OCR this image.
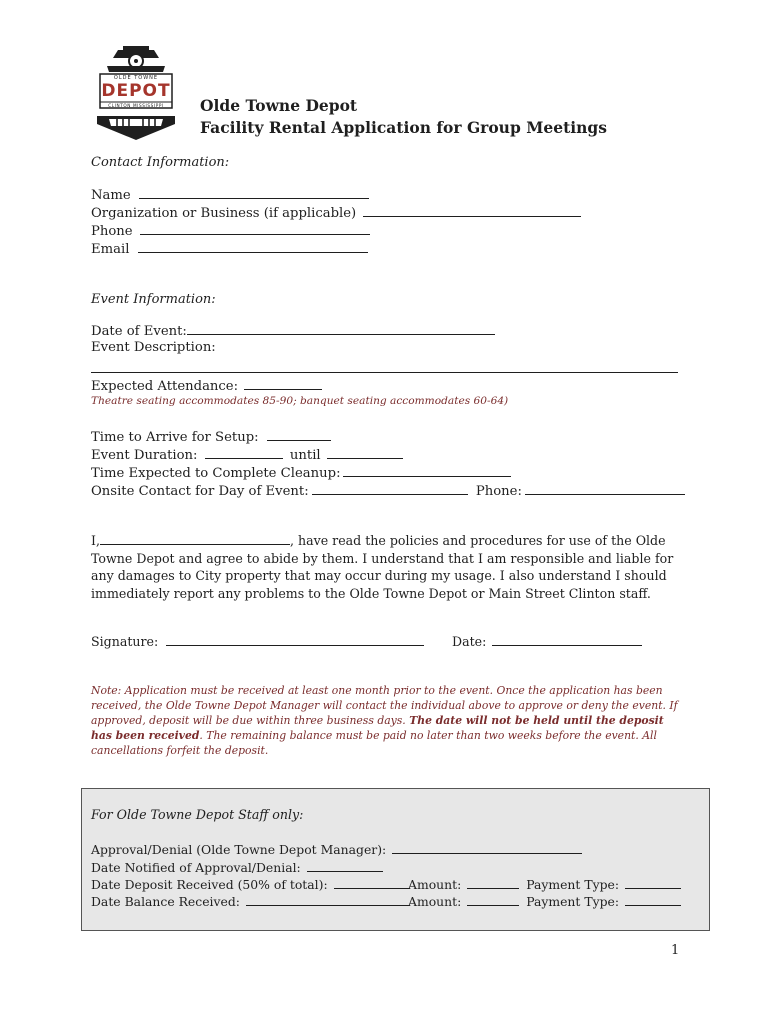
OLDE TOWNE
DEPOT
CLINTON MISSISSIPPI	Olde Towne Depot
Facility Rental Application for Group Meetings
Contact Information:
Name
Organization or Business (if applicable)
Phone
Email
Event Information:
Date of Event:
Event Description:
Expected Attendance:
Theatre seating accommodates 85-90; banquet seating accommodates 60-64)
Time to Arrive for Setup:
Event Duration:	until
Time Expected to Complete Cleanup:
Onsite Contact for Day of Event:	Phone:
I,	, have read the policies and procedures for use of the Olde Towne Depot and agree to abide by them. I understand that I am responsible and liable for any damages to City property that may occur during my usage. I also understand I should immediately report any problems to the Olde Towne Depot or Main Street Clinton staff.
Signature:	Date:
Note: Application must be received at least one month prior to the event. Once the application has been received, the Olde Towne Depot Manager will contact the individual above to approve or deny the event. If approved, deposit will be due within three business days. The date will not be held until the deposit has been received. The remaining balance must be paid no later than two weeks before the event. All cancellations forfeit the deposit.
For Olde Towne Depot Staff only:
Approval/Denial (Olde Towne Depot Manager):
Date Notified of Approval/Denial:
Date Deposit Received (50% of total):	Amount:	Payment Type:
Date Balance Received:	Amount:	Payment Type:
1
